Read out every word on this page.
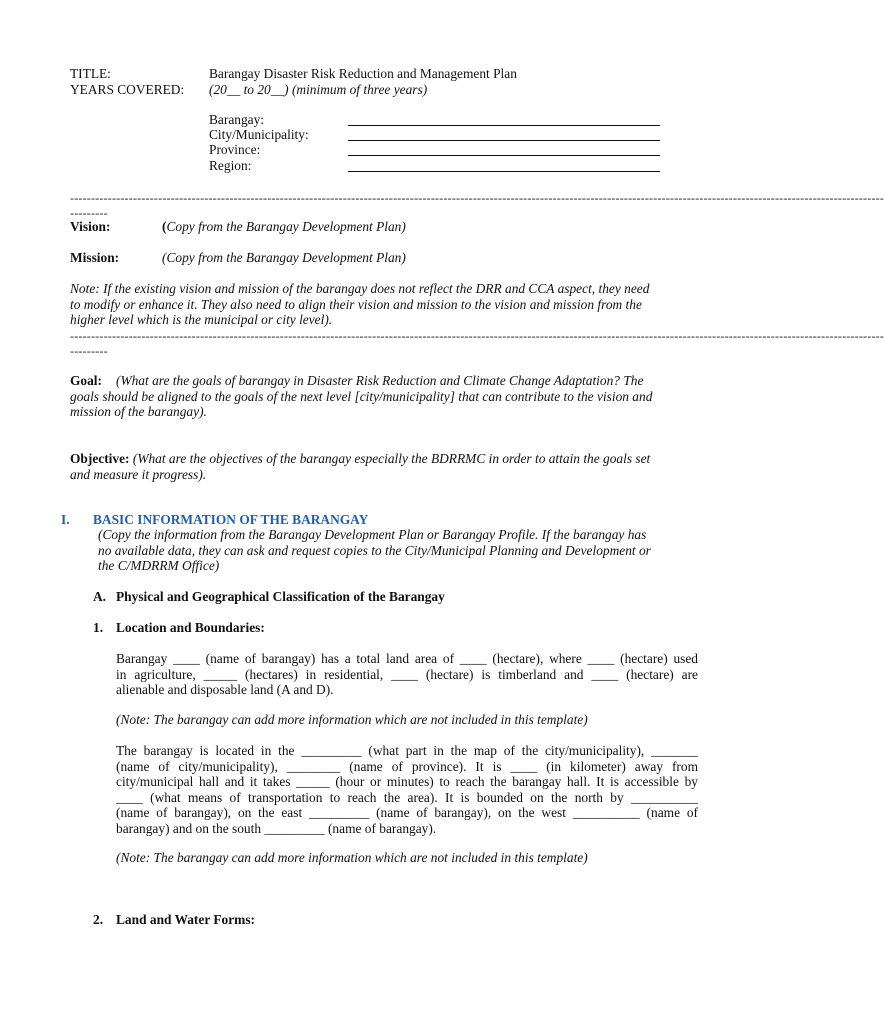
TITLE:	Barangay Disaster Risk Reduction and Management Plan
YEARS COVERED: (20__ to 20__) (minimum of three years)
Barangay:
City/Municipality:
Province:
Region:
--------------------------------------------------------------------------------------------------------------------------------------------------------------------------------------------------
---------
Vision:	(Copy from the Barangay Development Plan)
Mission:	(Copy from the Barangay Development Plan)
Note: If the existing vision and mission of the barangay does not reflect the DRR and CCA aspect, they need
to modify or enhance it. They also need to align their vision and mission to the vision and mission from the
higher level which is the municipal or city level).
--------------------------------------------------------------------------------------------------------------------------------------------------------------------------------------------------
---------
Goal: (What are the goals of barangay in Disaster Risk Reduction and Climate Change Adaptation? The
goals should be aligned to the goals of the next level [city/municipality] that can contribute to the vision and
mission of the barangay).
Objective: (What are the objectives of the barangay especially the BDRRMC in order to attain the goals set
and measure it progress).
I. BASIC INFORMATION OF THE BARANGAY
(Copy the information from the Barangay Development Plan or Barangay Profile. If the barangay has
no available data, they can ask and request copies to the City/Municipal Planning and Development or
the C/MDRRM Office)
A. Physical and Geographical Classification of the Barangay
1. Location and Boundaries:
Barangay ____ (name of barangay) has a total land area of ____ (hectare), where ____ (hectare) used
in agriculture, _____ (hectares) in residential, ____ (hectare) is timberland and ____ (hectare) are
alienable and disposable land (A and D).
(Note: The barangay can add more information which are not included in this template)
The barangay is located in the _________ (what part in the map of the city/municipality), _______
(name of city/municipality), ________ (name of province). It is ____ (in kilometer) away from
city/municipal hall and it takes _____ (hour or minutes) to reach the barangay hall. It is accessible by
____ (what means of transportation to reach the area). It is bounded on the north by __________
(name of barangay), on the east _________ (name of barangay), on the west __________ (name of
barangay) and on the south _________ (name of barangay).
(Note: The barangay can add more information which are not included in this template)
2. Land and Water Forms:
